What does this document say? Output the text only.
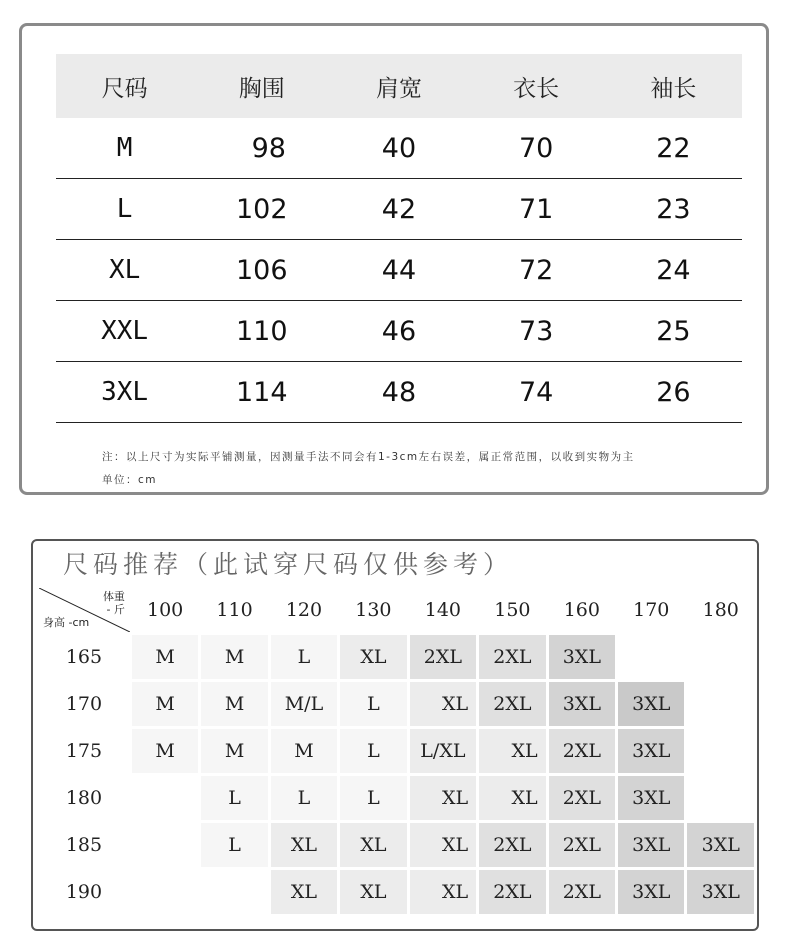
尺码	胸围	肩宽	衣长	袖长
M	98	40	70	22
L	102	42	71	23
XL	106	44	72	24
XXL	110	46	73	25
3XL	114	48	74	26
注：以上尺寸为实际平铺测量，因测量手法不同会有1-3cm左右误差，属正常范围，以收到实物为主
单位：cm
尺码推荐（此试穿尺码仅供参考）
体重
- 斤
身高 -cm	100	110	120	130	140	150	160	170	180
165	M	M	L	XL	2XL	2XL	3XL		
170	M	M	M/L	L	XL	2XL	3XL	3XL	
175	M	M	M	L	L/XL	XL	2XL	3XL	
180		L	L	L	XL	XL	2XL	3XL	
185		L	XL	XL	XL	2XL	2XL	3XL	3XL
190			XL	XL	XL	2XL	2XL	3XL	3XL
